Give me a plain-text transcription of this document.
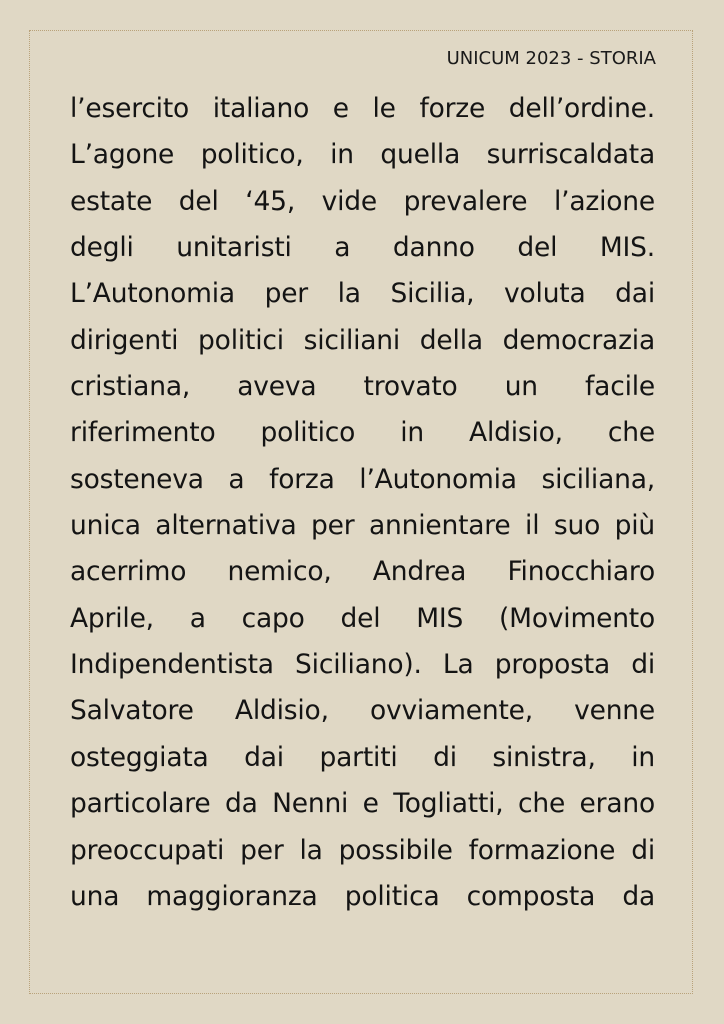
UNICUM 2023 - STORIA
l’esercito italiano e le forze dell’ordine.
L’agone politico, in quella surriscaldata
estate del ‘45, vide prevalere l’azione
degli unitaristi a danno del MIS.
L’Autonomia per la Sicilia, voluta dai
dirigenti politici siciliani della democrazia
cristiana, aveva trovato un facile
riferimento politico in Aldisio, che
sosteneva a forza l’Autonomia siciliana,
unica alternativa per annientare il suo più
acerrimo nemico, Andrea Finocchiaro
Aprile, a capo del MIS (Movimento
Indipendentista Siciliano). La proposta di
Salvatore Aldisio, ovviamente, venne
osteggiata dai partiti di sinistra, in
particolare da Nenni e Togliatti, che erano
preoccupati per la possibile formazione di
una maggioranza politica composta da
